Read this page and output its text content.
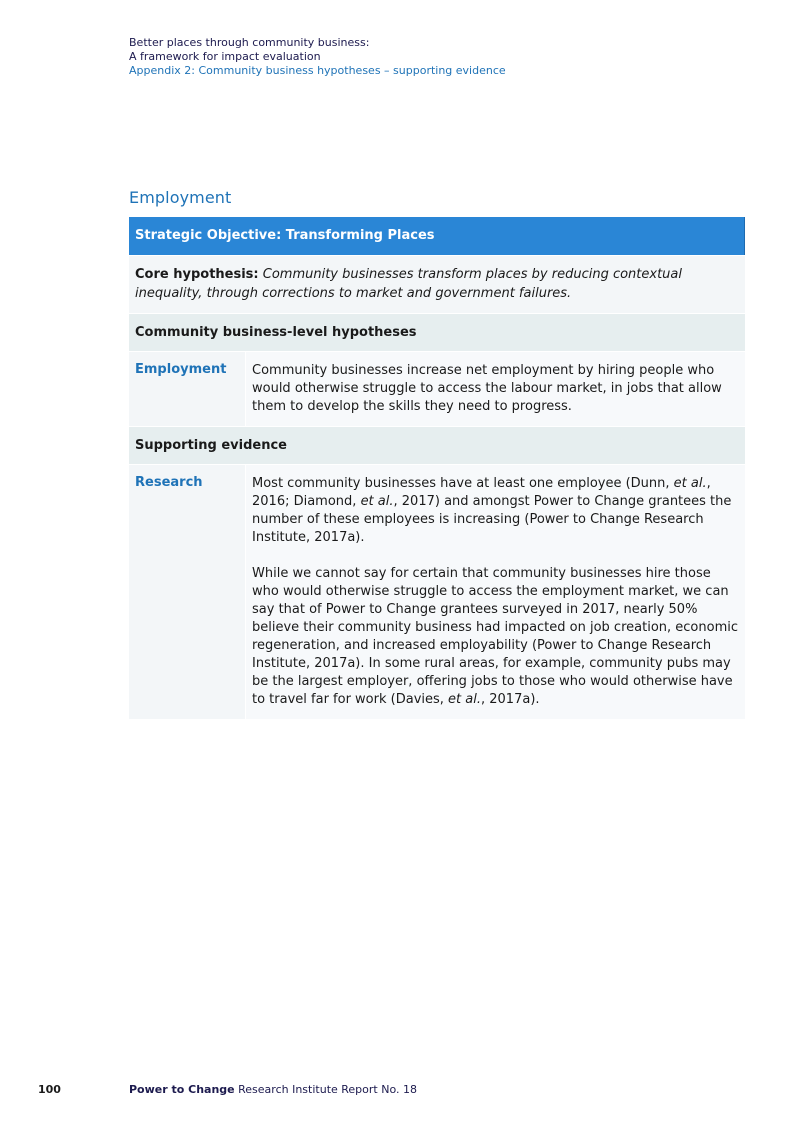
Better places through community business:
A framework for impact evaluation
Appendix 2: Community business hypotheses – supporting evidence
Employment
Strategic Objective: Transforming Places
Core hypothesis: Community businesses transform places by reducing contextual inequality, through corrections to market and government failures.
Community business-level hypotheses
Employment	Community businesses increase net employment by hiring people who would otherwise struggle to access the labour market, in jobs that allow them to develop the skills they need to progress.
Supporting evidence
Research	Most community businesses have at least one employee (Dunn, et al., 2016; Diamond, et al., 2017) and amongst Power to Change grantees the number of these employees is increasing (Power to Change Research Institute, 2017a).

While we cannot say for certain that community businesses hire those who would otherwise struggle to access the employment market, we can say that of Power to Change grantees surveyed in 2017, nearly 50% believe their community business had impacted on job creation, economic regeneration, and increased employability (Power to Change Research Institute, 2017a). In some rural areas, for example, community pubs may be the largest employer, offering jobs to those who would otherwise have to travel far for work (Davies, et al., 2017a).

100	Power to Change Research Institute Report No. 18
